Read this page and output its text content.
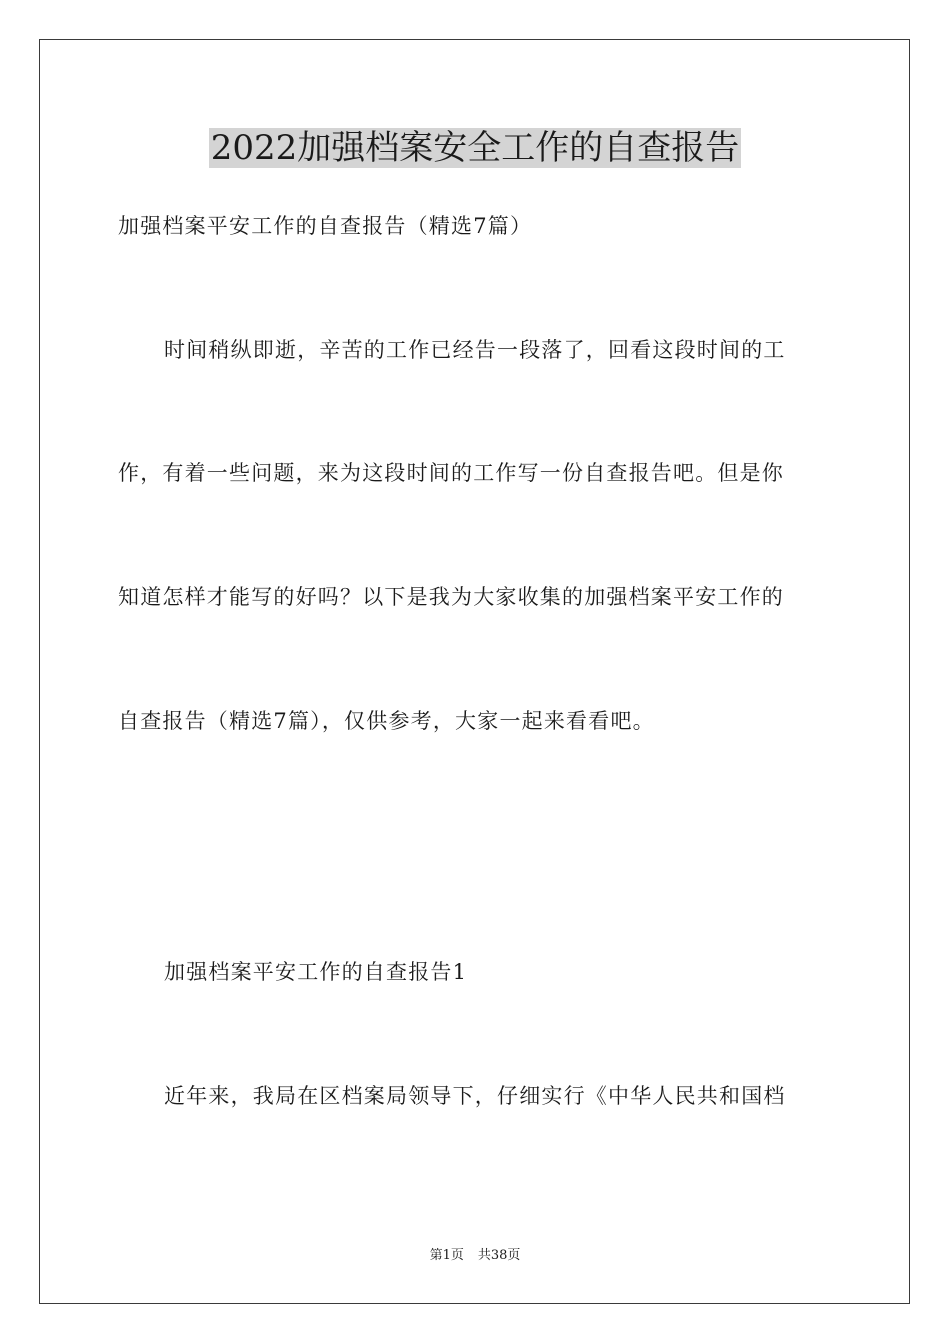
2022加强档案安全工作的自查报告

加强档案平安工作的自查报告（精选7篇）

时间稍纵即逝，辛苦的工作已经告一段落了，回看这段时间的工

作，有着一些问题，来为这段时间的工作写一份自查报告吧。但是你

知道怎样才能写的好吗？以下是我为大家收集的加强档案平安工作的

自查报告（精选7篇），仅供参考，大家一起来看看吧。

加强档案平安工作的自查报告1

近年来，我局在区档案局领导下，仔细实行《中华人民共和国档

第1页 共38页
